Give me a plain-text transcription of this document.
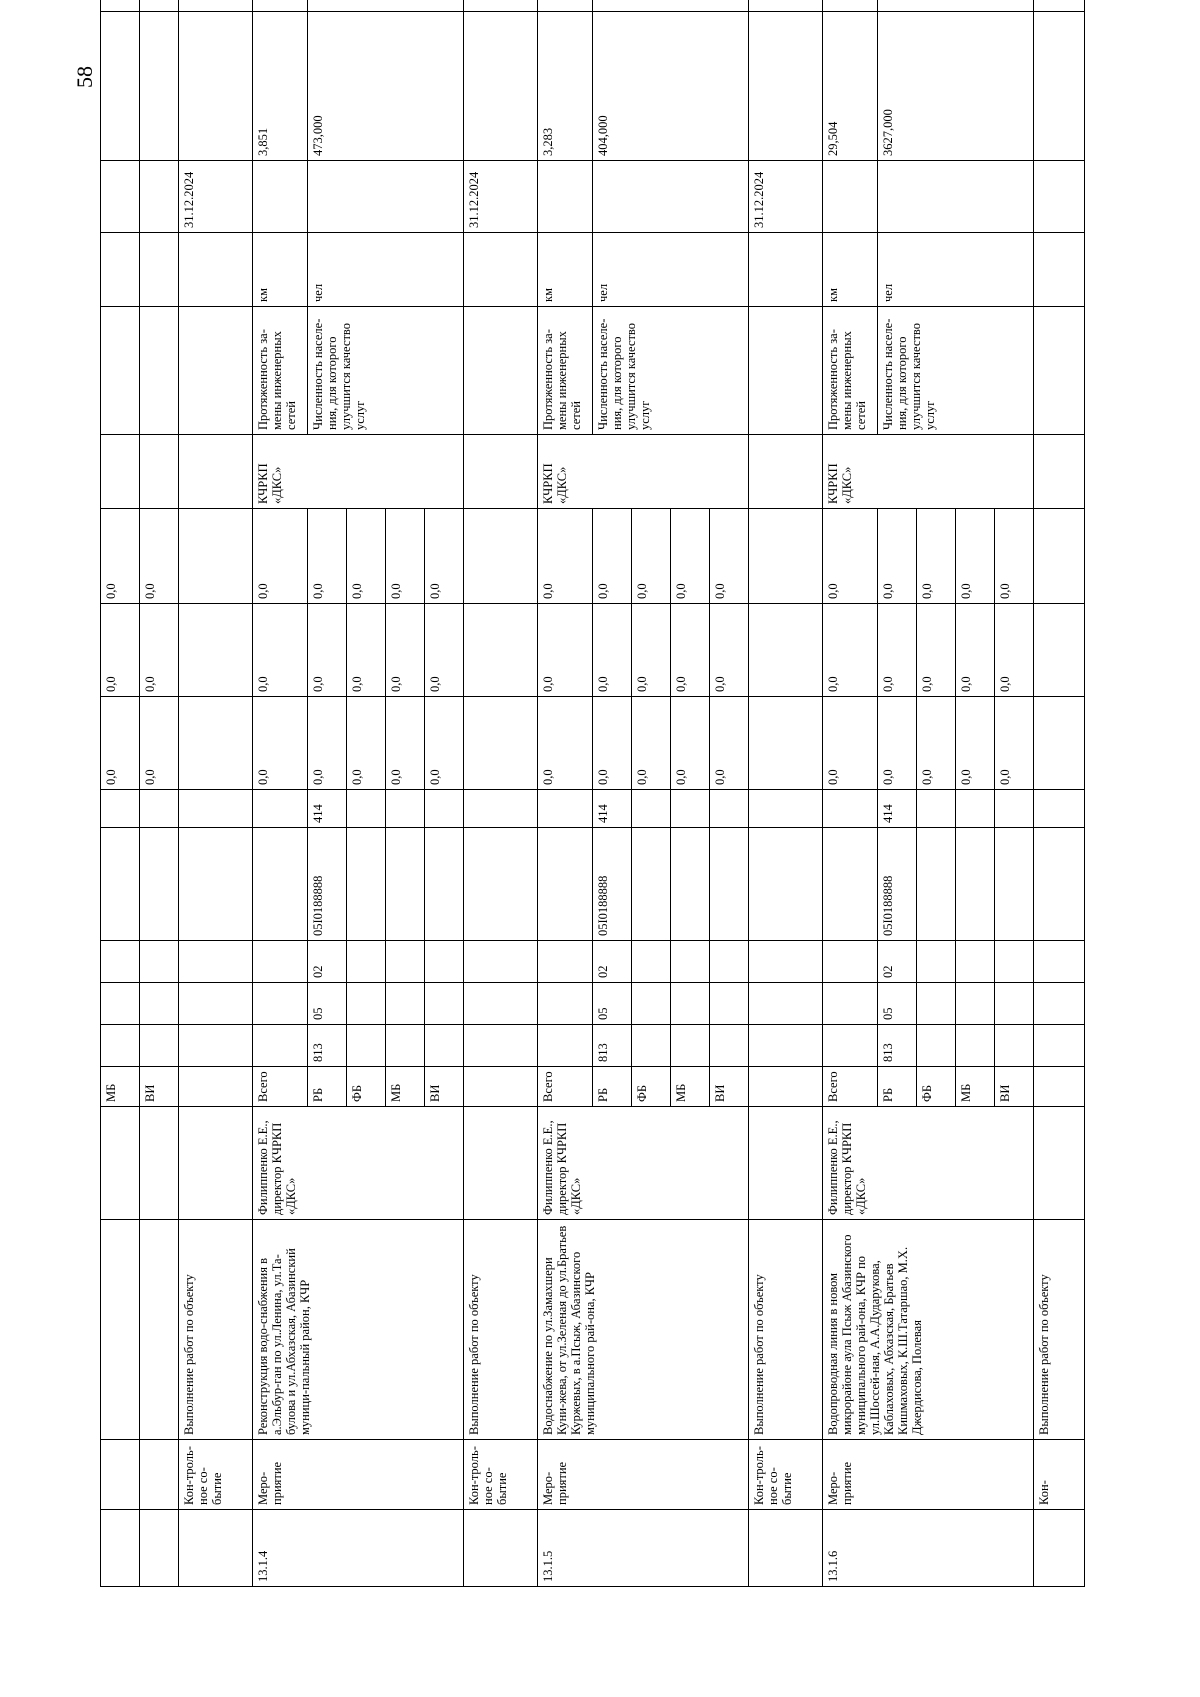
58
				МБ						0,0	0,0	0,0						
				ВИ						0,0	0,0	0,0						
	Кон-троль-ное со-бытие	Выполнение работ по объекту														31.12.2024		
13.1.4	Меро-приятие	Реконструкция водо-снабжения в а.Эльбур-ган по ул.Ленина, ул.Та-булова и ул.Абхазская, Абазинский муници-пальный район, КЧР	Филиппенко Е.Е., директор КЧРКП «ДКС»	Всего						0,0	0,0	0,0	КЧРКП «ДКС»	Протяженность за-мены инженерных сетей	км		3,851	
				РБ	813	05	02	05I0188888	414	0,0	0,0	0,0		Численность населе-ния, для которого улучшится качество услуг	чел		473,000	
				ФБ						0,0	0,0	0,0						
				МБ						0,0	0,0	0,0						
				ВИ						0,0	0,0	0,0						
	Кон-троль-ное со-бытие	Выполнение работ по объекту														31.12.2024		
13.1.5	Меро-приятие	Водоснабжение по ул.Замахшери Куни-жева, от ул.Зеленая до ул.Братьев Куржевых, в а.Псыж, Абазинского муниципального рай-она, КЧР	Филиппенко Е.Е., директор КЧРКП «ДКС»	Всего						0,0	0,0	0,0	КЧРКП «ДКС»	Протяженность за-мены инженерных сетей	км		3,283	
				РБ	813	05	02	05I0188888	414	0,0	0,0	0,0		Численность населе-ния, для которого улучшится качество услуг	чел		404,000	
				ФБ						0,0	0,0	0,0						
				МБ						0,0	0,0	0,0						
				ВИ						0,0	0,0	0,0						
	Кон-троль-ное со-бытие	Выполнение работ по объекту														31.12.2024		
13.1.6	Меро-приятие	Водопроводная линия в новом микрорайоне аула Псыж Абазинского муниципального рай-она, КЧР по ул.Шоссей-ная, А.А.Дударукова, Каблаховых, Абхазская, Братьев Кишмаховых, К.Ш.Татаршао, М.Х. Джердисова, Полевая	Филиппенко Е.Е., директор КЧРКП «ДКС»	Всего						0,0	0,0	0,0	КЧРКП «ДКС»	Протяженность за-мены инженерных сетей	км		29,504	
				РБ	813	05	02	05I0188888	414	0,0	0,0	0,0		Численность населе-ния, для которого улучшится качество услуг	чел		3627,000	
				ФБ						0,0	0,0	0,0						
				МБ						0,0	0,0	0,0						
				ВИ						0,0	0,0	0,0						
	Кон-	Выполнение работ по объекту																
